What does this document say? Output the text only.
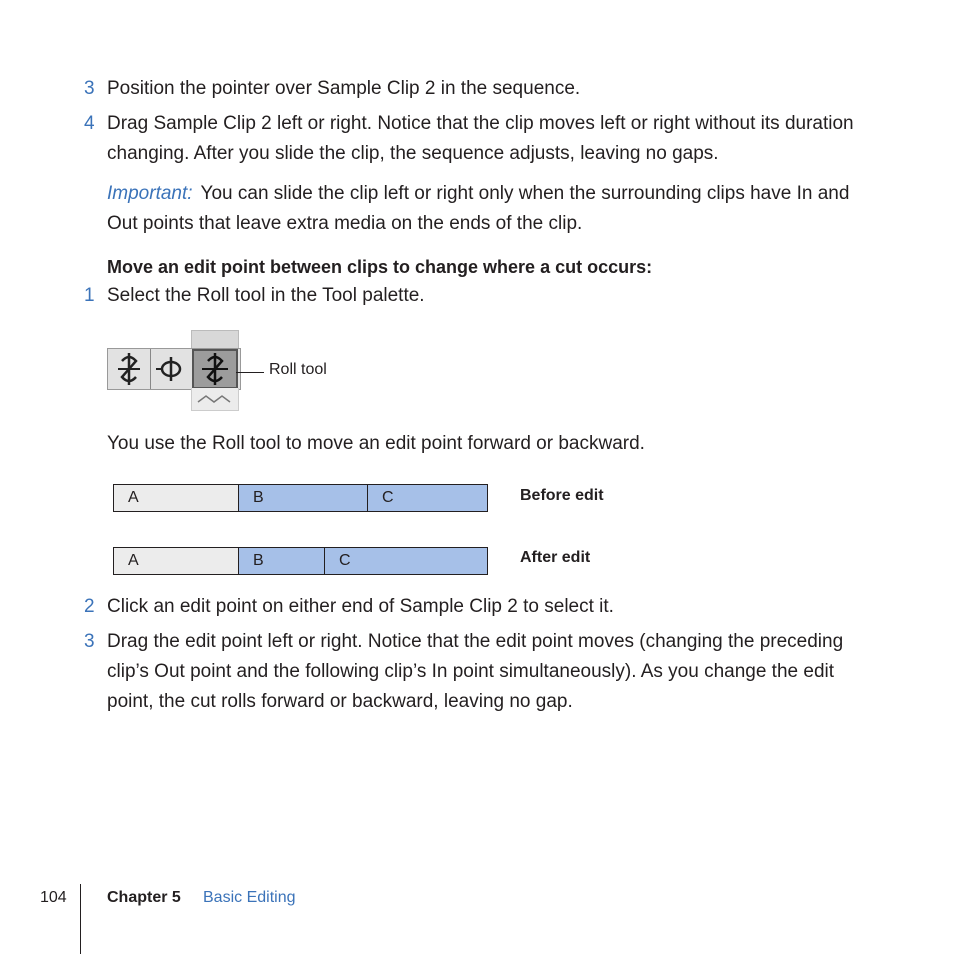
3 Position the pointer over Sample Clip 2 in the sequence.
4 Drag Sample Clip 2 left or right. Notice that the clip moves left or right without its duration changing. After you slide the clip, the sequence adjusts, leaving no gaps.
Important: You can slide the clip left or right only when the surrounding clips have In and Out points that leave extra media on the ends of the clip.
Move an edit point between clips to change where a cut occurs:
1 Select the Roll tool in the Tool palette.
Roll tool
You use the Roll tool to move an edit point forward or backward.
A	B	C	Before edit
A	B	C	After edit
2 Click an edit point on either end of Sample Clip 2 to select it.
3 Drag the edit point left or right. Notice that the edit point moves (changing the preceding clip’s Out point and the following clip’s In point simultaneously). As you change the edit point, the cut rolls forward or backward, leaving no gap.
104	Chapter 5 Basic Editing
